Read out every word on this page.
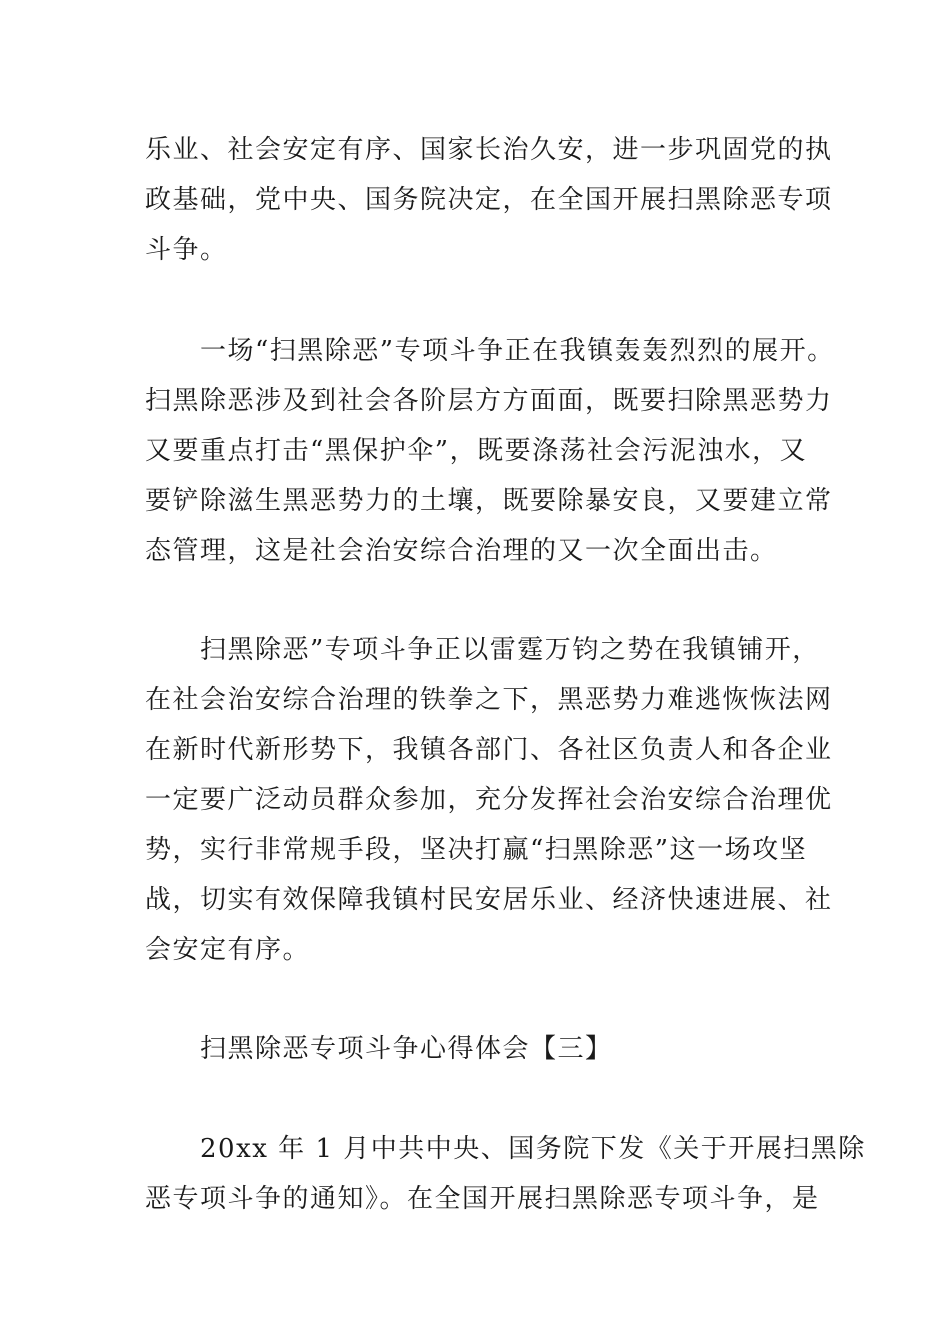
乐业、社会安定有序、国家长治久安，进一步巩固党的执
政基础，党中央、国务院决定，在全国开展扫黑除恶专项
斗争。
一场“扫黑除恶”专项斗争正在我镇轰轰烈烈的展开。
扫黑除恶涉及到社会各阶层方方面面，既要扫除黑恶势力
又要重点打击“黑保护伞”，既要涤荡社会污泥浊水，又
要铲除滋生黑恶势力的土壤，既要除暴安良，又要建立常
态管理，这是社会治安综合治理的又一次全面出击。
扫黑除恶”专项斗争正以雷霆万钧之势在我镇铺开，
在社会治安综合治理的铁拳之下，黑恶势力难逃恢恢法网
在新时代新形势下，我镇各部门、各社区负责人和各企业
一定要广泛动员群众参加，充分发挥社会治安综合治理优
势，实行非常规手段，坚决打赢“扫黑除恶”这一场攻坚
战，切实有效保障我镇村民安居乐业、经济快速进展、社
会安定有序。
扫黑除恶专项斗争心得体会【三】
20xx 年 1 月中共中央、国务院下发《关于开展扫黑除
恶专项斗争的通知》。在全国开展扫黑除恶专项斗争，是
